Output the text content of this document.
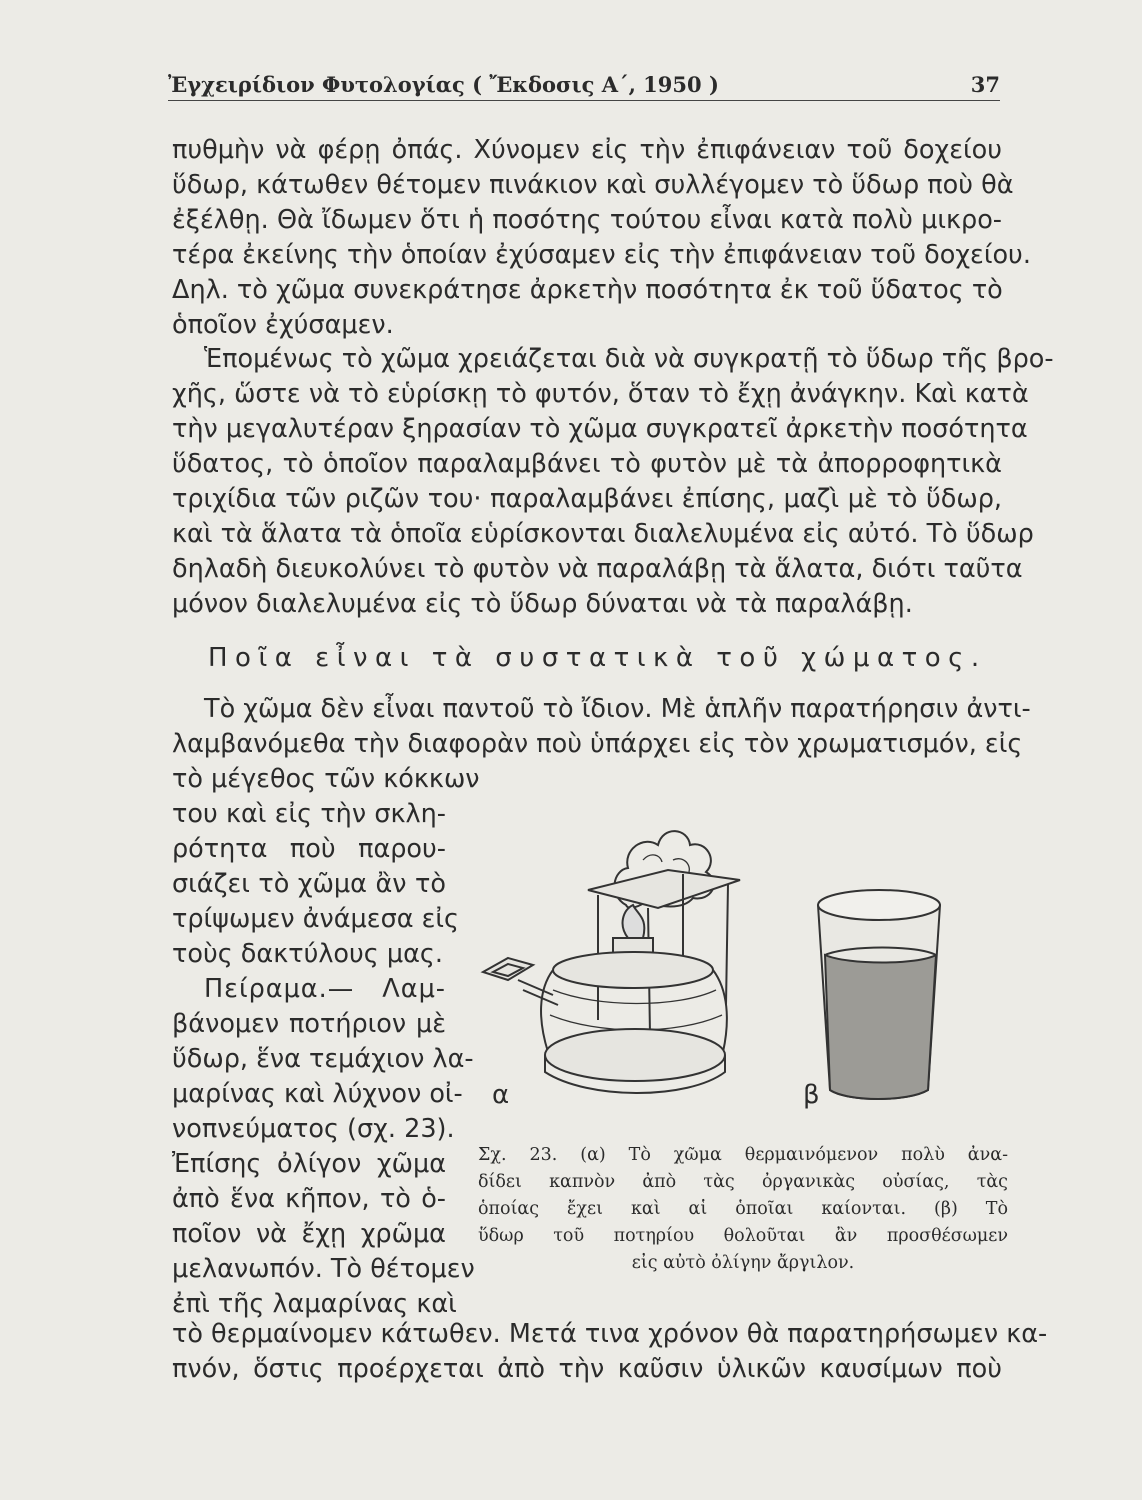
Ἐγχειρίδιον Φυτολογίας ( Ἔκδοσις Α΄, 1950 )	37
πυθμὴν νὰ φέρῃ ὀπάς. Χύνομεν εἰς τὴν ἐπιφάνειαν τοῦ δοχείου
ὕδωρ, κάτωθεν θέτομεν πινάκιον καὶ συλλέγομεν τὸ ὕδωρ ποὺ θὰ
ἐξέλθῃ. Θὰ ἴδωμεν ὅτι ἡ ποσότης τούτου εἶναι κατὰ πολὺ μικρο-
τέρα ἐκείνης τὴν ὁποίαν ἐχύσαμεν εἰς τὴν ἐπιφάνειαν τοῦ δοχείου.
Δηλ. τὸ χῶμα συνεκράτησε ἀρκετὴν ποσότητα ἐκ τοῦ ὕδατος τὸ
ὁποῖον ἐχύσαμεν.
Ἑπομένως τὸ χῶμα χρειάζεται διὰ νὰ συγκρατῇ τὸ ὕδωρ τῆς βρο-
χῆς, ὥστε νὰ τὸ εὑρίσκῃ τὸ φυτόν, ὅταν τὸ ἔχῃ ἀνάγκην. Καὶ κατὰ
τὴν μεγαλυτέραν ξηρασίαν τὸ χῶμα συγκρατεῖ ἀρκετὴν ποσότητα
ὕδατος, τὸ ὁποῖον παραλαμβάνει τὸ φυτὸν μὲ τὰ ἀπορροφητικὰ
τριχίδια τῶν ριζῶν του· παραλαμβάνει ἐπίσης, μαζὶ μὲ τὸ ὕδωρ,
καὶ τὰ ἅλατα τὰ ὁποῖα εὑρίσκονται διαλελυμένα εἰς αὐτό. Τὸ ὕδωρ
δηλαδὴ διευκολύνει τὸ φυτὸν νὰ παραλάβῃ τὰ ἅλατα, διότι ταῦτα
μόνον διαλελυμένα εἰς τὸ ὕδωρ δύναται νὰ τὰ παραλάβῃ.
Ποῖα εἶναι τὰ συστατικὰ τοῦ χώματος.
Τὸ χῶμα δὲν εἶναι παντοῦ τὸ ἴδιον. Μὲ ἁπλῆν παρατήρησιν ἀντι-
λαμβανόμεθα τὴν διαφορὰν ποὺ ὑπάρχει εἰς τὸν χρωματισμόν, εἰς
τὸ μέγεθος τῶν κόκκων
του καὶ εἰς τὴν σκλη-
ρότητα ποὺ παρου-
σιάζει τὸ χῶμα ἂν τὸ
τρίψωμεν ἀνάμεσα εἰς
τοὺς δακτύλους μας.
Πείραμα.— Λαμ-
βάνομεν ποτήριον μὲ
ὕδωρ, ἕνα τεμάχιον λα-
μαρίνας καὶ λύχνον οἰ-
νοπνεύματος (σχ. 23).
Ἐπίσης ὀλίγον χῶμα
ἀπὸ ἕνα κῆπον, τὸ ὁ-
ποῖον νὰ ἔχῃ χρῶμα
μελανωπόν. Τὸ θέτομεν
ἐπὶ τῆς λαμαρίνας καὶ
α	β
Σχ. 23. (α) Τὸ χῶμα θερμαινόμενον πολὺ ἀνα-
δίδει καπνὸν ἀπὸ τὰς ὀργανικὰς οὐσίας, τὰς
ὁποίας ἔχει καὶ αἱ ὁποῖαι καίονται. (β) Τὸ
ὕδωρ τοῦ ποτηρίου θολοῦται ἂν προσθέσωμεν
εἰς αὐτὸ ὀλίγην ἄργιλον.
τὸ θερμαίνομεν κάτωθεν. Μετά τινα χρόνον θὰ παρατηρήσωμεν κα-
πνόν, ὅστις προέρχεται ἀπὸ τὴν καῦσιν ὑλικῶν καυσίμων ποὺ
